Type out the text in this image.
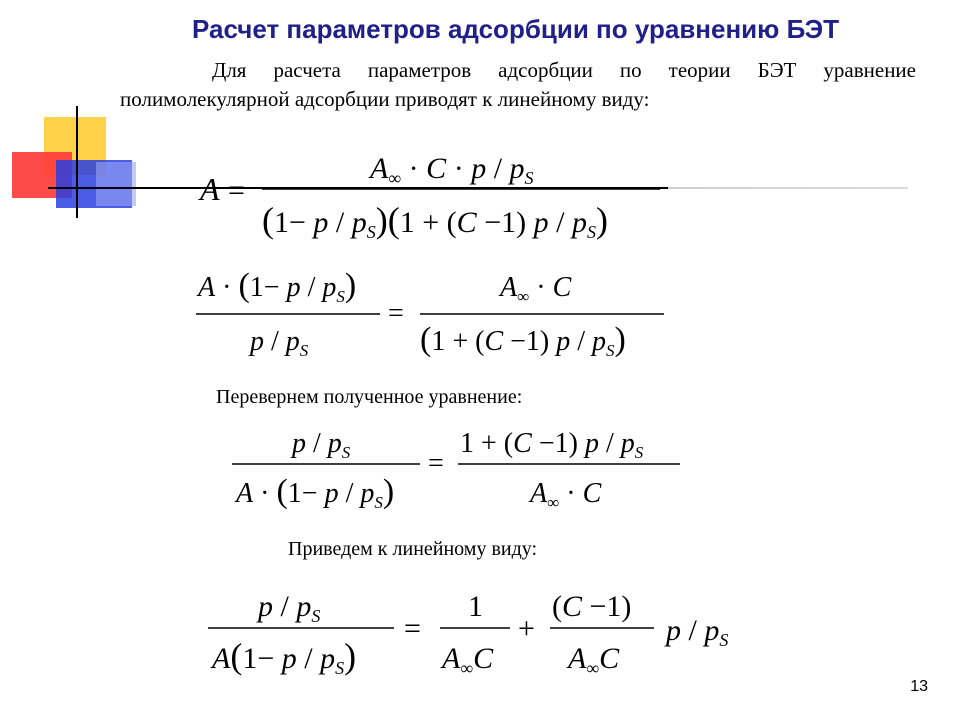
Расчет параметров адсорбции по уравнению БЭТ
Для расчета параметров адсорбции по теории БЭТ уравнение полимолекулярной адсорбции приводят к линейному виду:
A =
$A_\infty \cdot C \cdot p / p_S$
$(1- p / p_S)(1 + (C -1)$ p / $p_S$)
$A \cdot (1- p / p_S)$
p / $p_S$
=
$A_\infty \cdot C$
(1 + (C −1) p / $p_S$)
Перевернем полученное уравнение:
p / $p_S$
$A \cdot (1- p / p_S)$
=
1 + (C −1) p / $p_S$
$A_\infty \cdot C$
Приведем к линейному виду:
p / $p_S$
$A(1- p / p_S)$
=
1
$A_\infty C$
+
(C −1)
$A_\infty C$
p / $p_S$
13
